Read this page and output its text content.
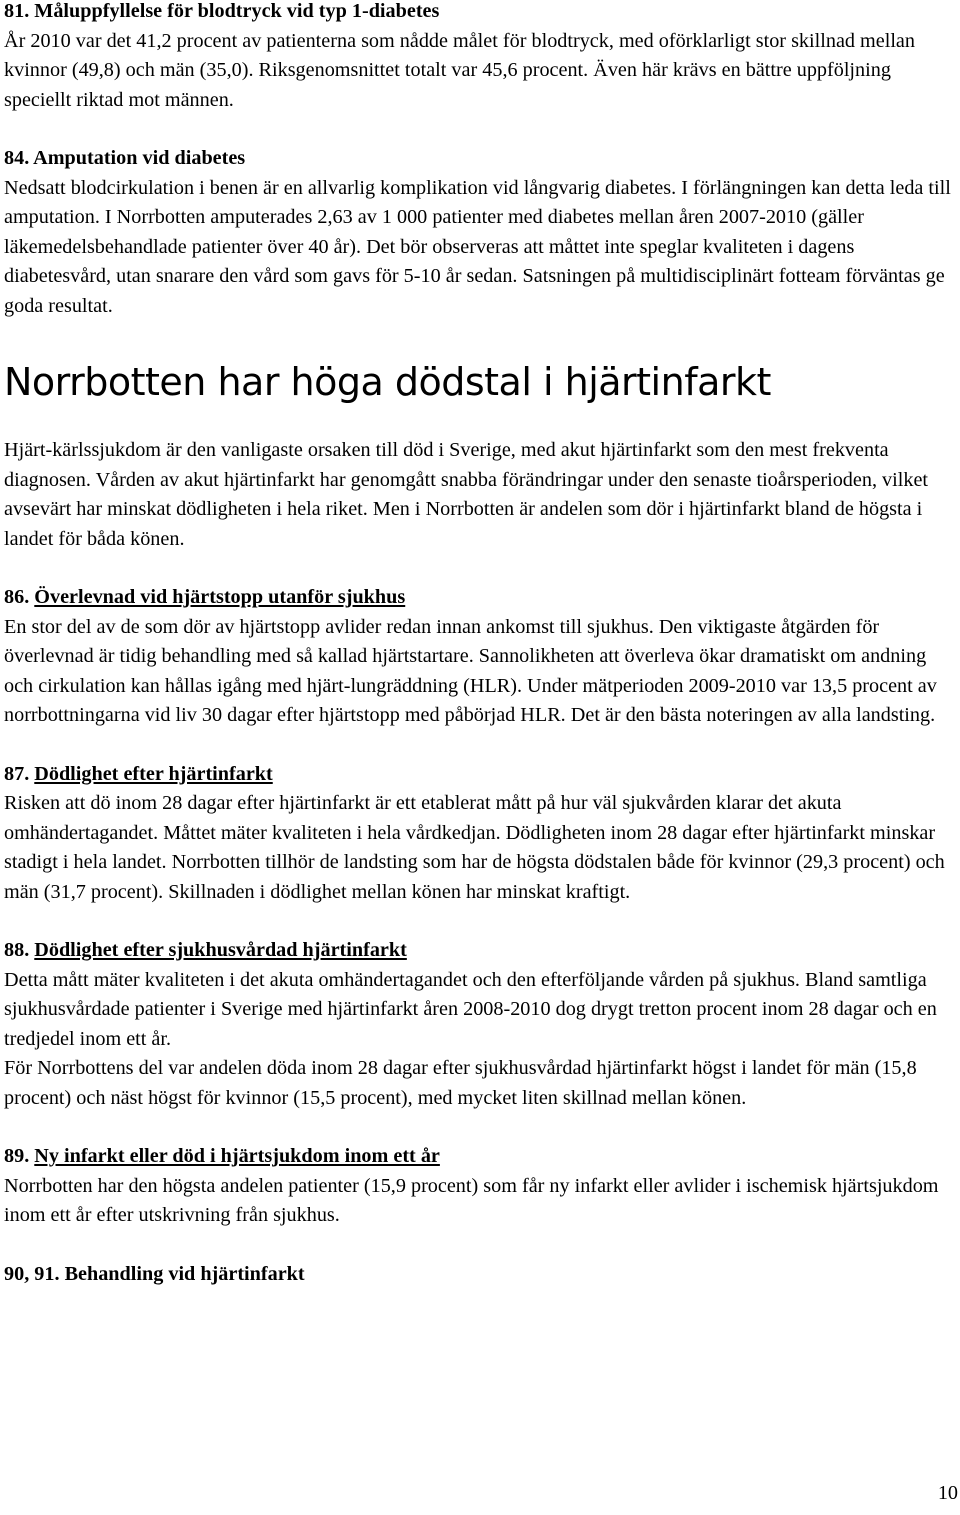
81. Måluppfyllelse för blodtryck vid typ 1-diabetes

År 2010 var det 41,2 procent av patienterna som nådde målet för blodtryck, med oförklarligt stor skillnad mellan kvinnor (49,8) och män (35,0). Riksgenomsnittet totalt var 45,6 procent. Även här krävs en bättre uppföljning speciellt riktad mot männen.

84. Amputation vid diabetes

Nedsatt blodcirkulation i benen är en allvarlig komplikation vid långvarig diabetes. I förlängningen kan detta leda till amputation. I Norrbotten amputerades 2,63 av 1 000 patienter med diabetes mellan åren 2007-2010 (gäller läkemedelsbehandlade patienter över 40 år). Det bör observeras att måttet inte speglar kvaliteten i dagens diabetesvård, utan snarare den vård som gavs för 5-10 år sedan. Satsningen på multidisciplinärt fotteam förväntas ge goda resultat.

Norrbotten har höga dödstal i hjärtinfarkt

Hjärt-kärlssjukdom är den vanligaste orsaken till död i Sverige, med akut hjärtinfarkt som den mest frekventa diagnosen. Vården av akut hjärtinfarkt har genomgått snabba förändringar under den senaste tioårsperioden, vilket avsevärt har minskat dödligheten i hela riket. Men i Norrbotten är andelen som dör i hjärtinfarkt bland de högsta i landet för båda könen.

86. Överlevnad vid hjärtstopp utanför sjukhus

En stor del av de som dör av hjärtstopp avlider redan innan ankomst till sjukhus. Den viktigaste åtgärden för överlevnad är tidig behandling med så kallad hjärtstartare. Sannolikheten att överleva ökar dramatiskt om andning och cirkulation kan hållas igång med hjärt-lungräddning (HLR). Under mätperioden 2009-2010 var 13,5 procent av norrbottningarna vid liv 30 dagar efter hjärtstopp med påbörjad HLR. Det är den bästa noteringen av alla landsting.

87. Dödlighet efter hjärtinfarkt

Risken att dö inom 28 dagar efter hjärtinfarkt är ett etablerat mått på hur väl sjukvården klarar det akuta omhändertagandet. Måttet mäter kvaliteten i hela vårdkedjan. Dödligheten inom 28 dagar efter hjärtinfarkt minskar stadigt i hela landet. Norrbotten tillhör de landsting som har de högsta dödstalen både för kvinnor (29,3 procent) och män (31,7 procent). Skillnaden i dödlighet mellan könen har minskat kraftigt.

88. Dödlighet efter sjukhusvårdad hjärtinfarkt

Detta mått mäter kvaliteten i det akuta omhändertagandet och den efterföljande vården på sjukhus. Bland samtliga sjukhusvårdade patienter i Sverige med hjärtinfarkt åren 2008-2010 dog drygt tretton procent inom 28 dagar och en tredjedel inom ett år.

För Norrbottens del var andelen döda inom 28 dagar efter sjukhusvårdad hjärtinfarkt högst i landet för män (15,8 procent) och näst högst för kvinnor (15,5 procent), med mycket liten skillnad mellan könen.

89. Ny infarkt eller död i hjärtsjukdom inom ett år

Norrbotten har den högsta andelen patienter (15,9 procent) som får ny infarkt eller avlider i ischemisk hjärtsjukdom inom ett år efter utskrivning från sjukhus.

90, 91. Behandling vid hjärtinfarkt
10
